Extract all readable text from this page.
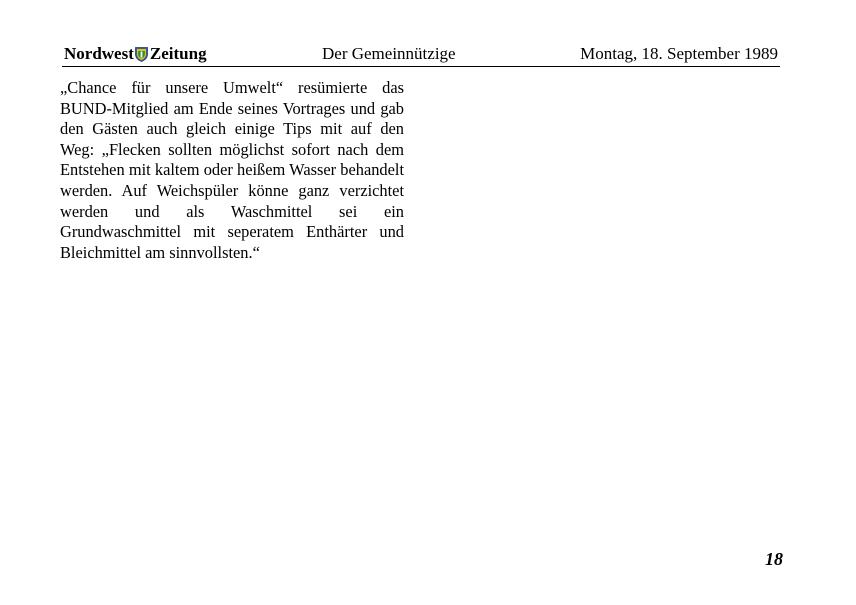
Nordwest Zeitung	Der Gemeinnützige	Montag, 18. September 1989

„Chance für unsere Umwelt“ resümierte das BUND-Mitglied am Ende seines Vortrages und gab den Gästen auch gleich einige Tips mit auf den Weg: „Flecken sollten möglichst sofort nach dem Entstehen mit kaltem oder heißem Wasser behandelt werden. Auf Weichspüler könne ganz verzichtet werden und als Waschmittel sei ein Grundwaschmittel mit seperatem Enthärter und Bleichmittel am sinnvollsten.“

18
